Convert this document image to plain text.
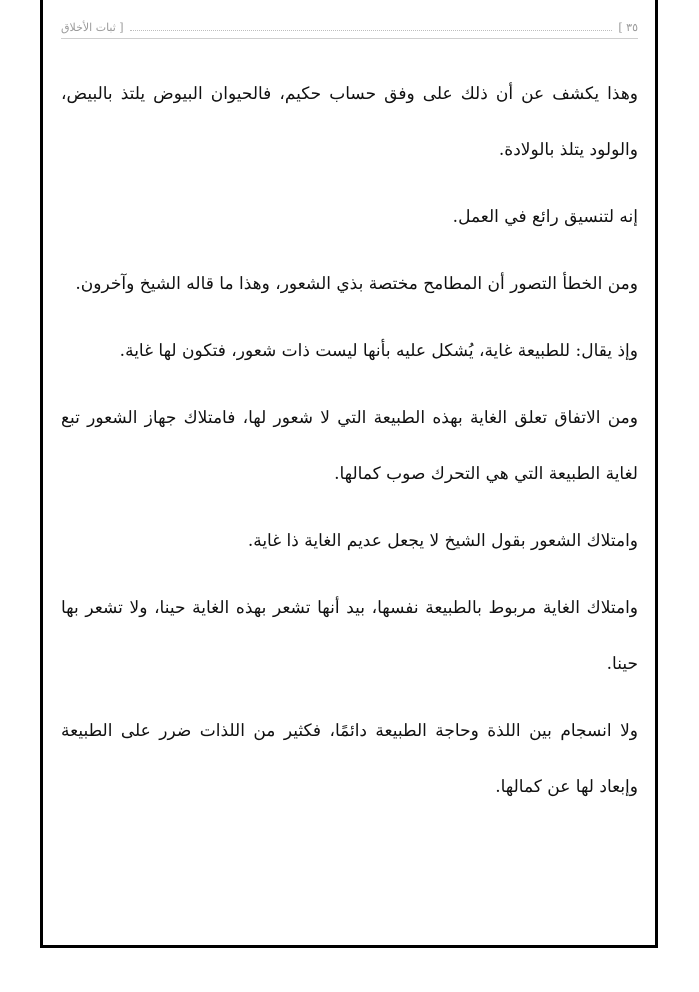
[ ثبات الأخلاق	٣٥ ]

وهذا يكشف عن أن ذلك على وفق حساب حكيم، فالحيوان البيوض يلتذ بالبيض، والولود يتلذ بالولادة.

إنه لتنسيق رائع في العمل.

ومن الخطأ التصور أن المطامح مختصة بذي الشعور، وهذا ما قاله الشيخ وآخرون.

وإذ يقال: للطبيعة غاية، يُشكل عليه بأنها ليست ذات شعور، فتكون لها غاية.

ومن الاتفاق تعلق الغاية بهذه الطبيعة التي لا شعور لها، فامتلاك جهاز الشعور تبع لغاية الطبيعة التي هي التحرك صوب كمالها.

وامتلاك الشعور بقول الشيخ لا يجعل عديم الغاية ذا غاية.

وامتلاك الغاية مربوط بالطبيعة نفسها، بيد أنها تشعر بهذه الغاية حينا، ولا تشعر بها حينا.

ولا انسجام بين اللذة وحاجة الطبيعة دائمًا، فكثير من اللذات ضرر على الطبيعة وإبعاد لها عن كمالها.
